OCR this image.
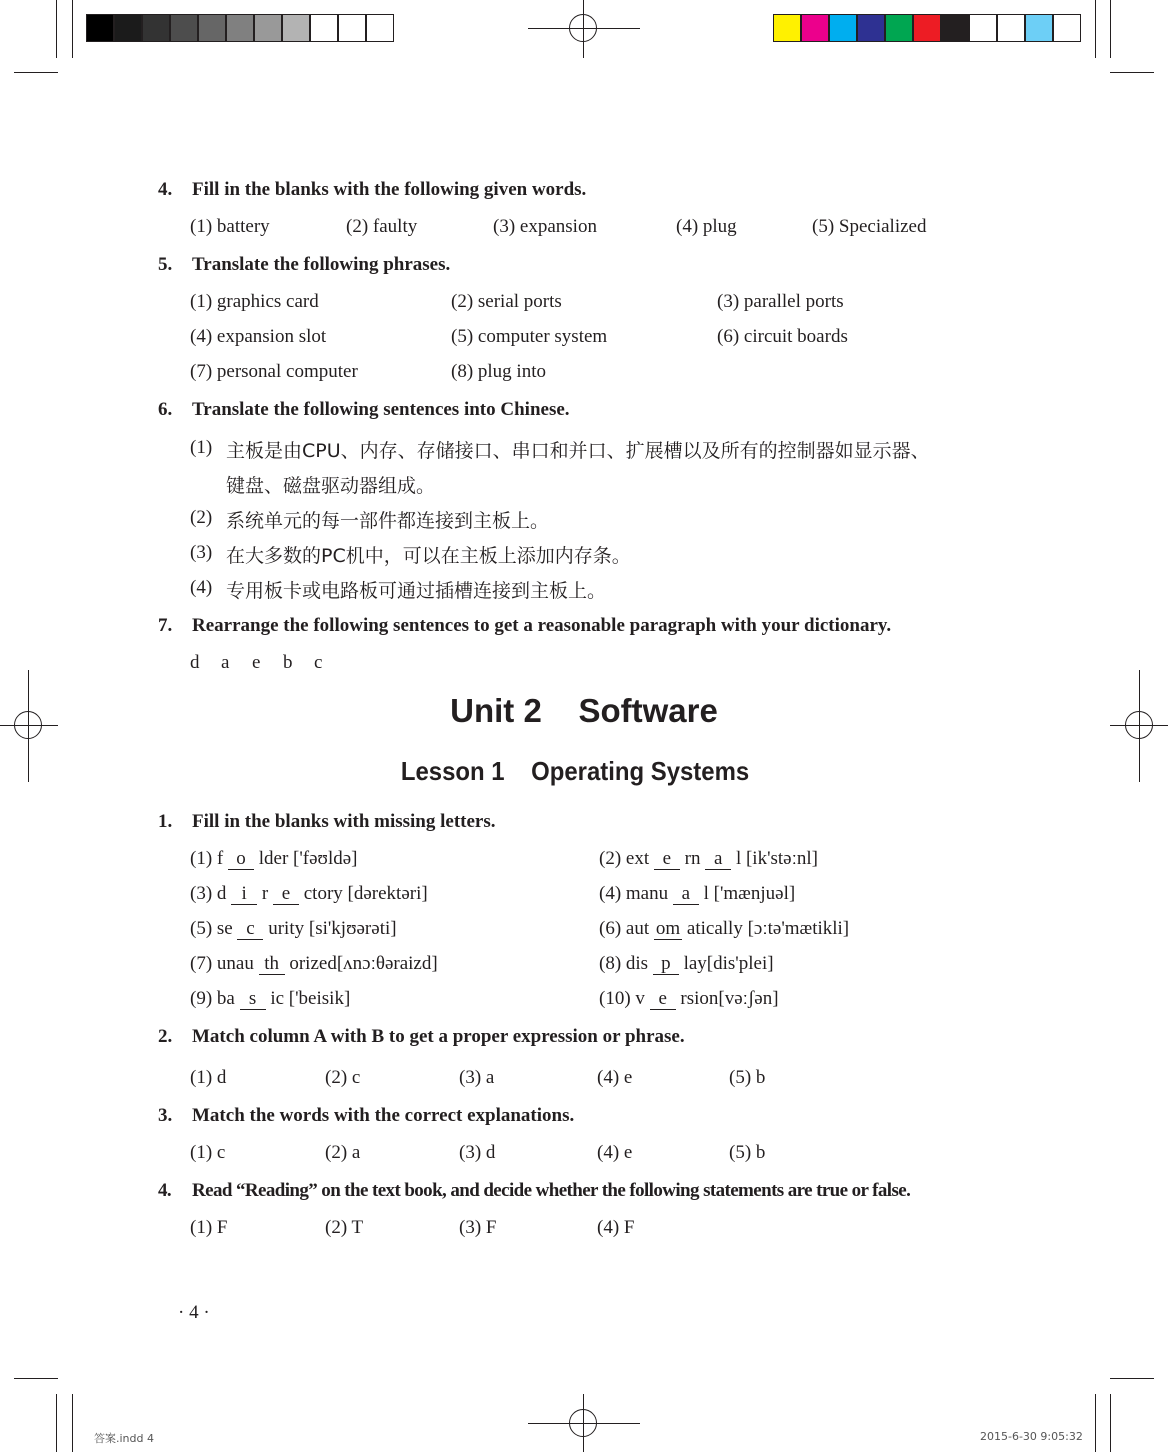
4. Fill in the blanks with the following given words.
(1) battery	(2) faulty	(3) expansion	(4) plug	(5) Specialized
5. Translate the following phrases.
(1) graphics card	(2) serial ports	(3) parallel ports
(4) expansion slot	(5) computer system	(6) circuit boards
(7) personal computer	(8) plug into
6. Translate the following sentences into Chinese.
(1) 主板是由CPU、内存、存储接口、串口和并口、扩展槽以及所有的控制器如显示器、
键盘、磁盘驱动器组成。
(2) 系统单元的每一部件都连接到主板上。
(3) 在大多数的PC机中，可以在主板上添加内存条。
(4) 专用板卡或电路板可通过插槽连接到主板上。
7. Rearrange the following sentences to get a reasonable paragraph with your dictionary.
d a e b c
Unit 2    Software
Lesson 1    Operating Systems
1. Fill in the blanks with missing letters.
(1) f o lder ['fəʊldə]	(2) ext e rn a l [ik'stəːnl]
(3) d i r e ctory [dərektəri]	(4) manu a l ['mænjuəl]
(5) se c urity [si'kjʊərəti]	(6) aut om atically [ɔːtə'mætikli]
(7) unau th orized[ʌnɔːθəraizd]	(8) dis p lay[dis'plei]
(9) ba s ic ['beisik]	(10) v e rsion[vəːʃən]
2. Match column A with B to get a proper expression or phrase.
(1) d	(2) c	(3) a	(4) e	(5) b
3. Match the words with the correct explanations.
(1) c	(2) a	(3) d	(4) e	(5) b
4. Read “Reading” on the text book, and decide whether the following statements are true or false.
(1) F	(2) T	(3) F	(4) F
· 4 ·
答案.indd 4	2015-6-30 9:05:32
